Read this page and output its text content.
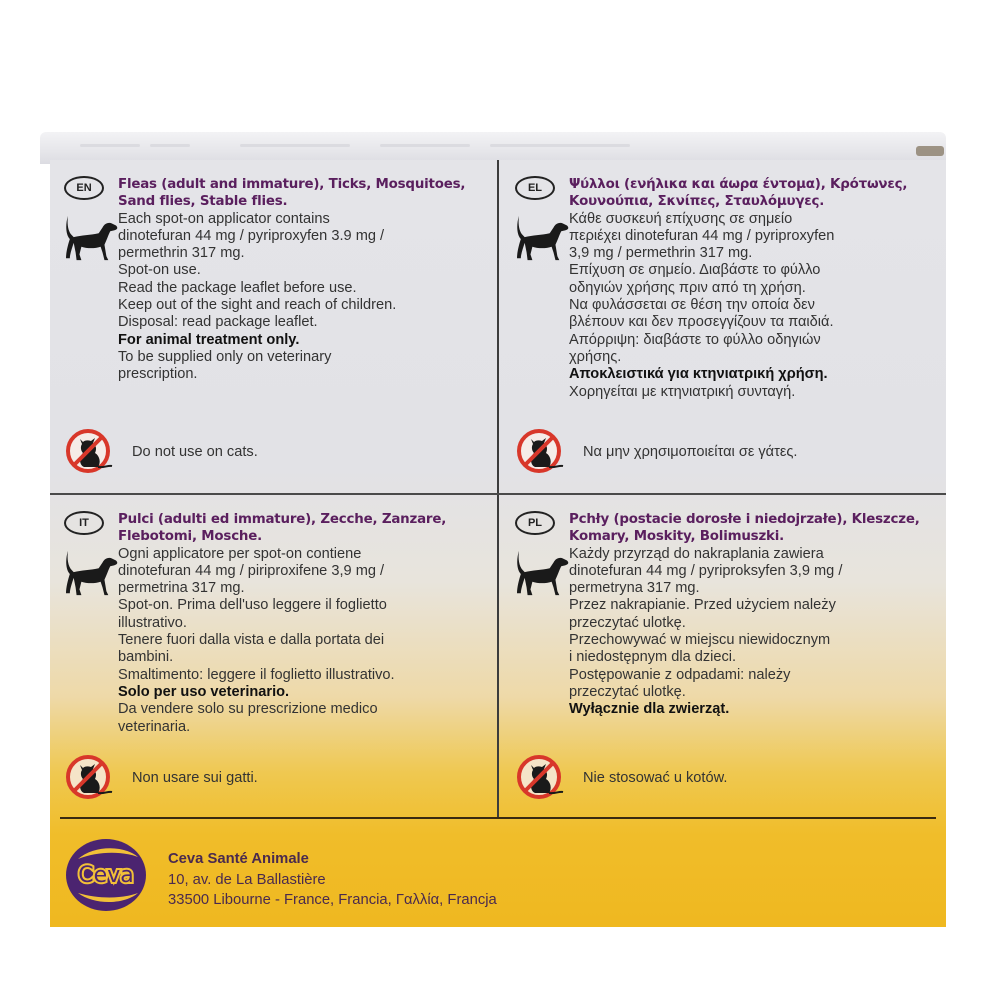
EN	Fleas (adult and immature), Ticks, Mosquitoes,
Sand flies, Stable flies.
Each spot-on applicator contains
dinotefuran 44 mg / pyriproxyfen 3.9 mg /
permethrin 317 mg.
Spot-on use.
Read the package leaflet before use.
Keep out of the sight and reach of children.
Disposal: read package leaflet.
For animal treatment only.
To be supplied only on veterinary
prescription.
Do not use on cats.
EL	Ψύλλοι (ενήλικα και άωρα έντομα), Κρότωνες,
Κουνούπια, Σκνίπες, Σταυλόμυγες.
Κάθε συσκευή επίχυσης σε σημείο
περιέχει dinotefuran 44 mg / pyriproxyfen
3,9 mg / permethrin 317 mg.
Επίχυση σε σημείο. Διαβάστε το φύλλο
οδηγιών χρήσης πριν από τη χρήση.
Να φυλάσσεται σε θέση την οποία δεν
βλέπουν και δεν προσεγγίζουν τα παιδιά.
Απόρριψη: διαβάστε το φύλλο οδηγιών
χρήσης.
Αποκλειστικά για κτηνιατρική χρήση.
Χορηγείται με κτηνιατρική συνταγή.
Να μην χρησιμοποιείται σε γάτες.
IT	Pulci (adulti ed immature), Zecche, Zanzare,
Flebotomi, Mosche.
Ogni applicatore per spot-on contiene
dinotefuran 44 mg / piriproxifene 3,9 mg /
permetrina 317 mg.
Spot-on. Prima dell'uso leggere il foglietto
illustrativo.
Tenere fuori dalla vista e dalla portata dei
bambini.
Smaltimento: leggere il foglietto illustrativo.
Solo per uso veterinario.
Da vendere solo su prescrizione medico
veterinaria.
Non usare sui gatti.
PL	Pchły (postacie dorosłe i niedojrzałe), Kleszcze,
Komary, Moskity, Bolimuszki.
Każdy przyrząd do nakraplania zawiera
dinotefuran 44 mg / pyriproksyfen 3,9 mg /
permetryna 317 mg.
Przez nakrapianie. Przed użyciem należy
przeczytać ulotkę.
Przechowywać w miejscu niewidocznym
i niedostępnym dla dzieci.
Postępowanie z odpadami: należy
przeczytać ulotkę.
Wyłącznie dla zwierząt.
Nie stosować u kotów.
Ceva
Ceva Santé Animale
10, av. de La Ballastière
33500 Libourne - France, Francia, Γαλλία, Francja
